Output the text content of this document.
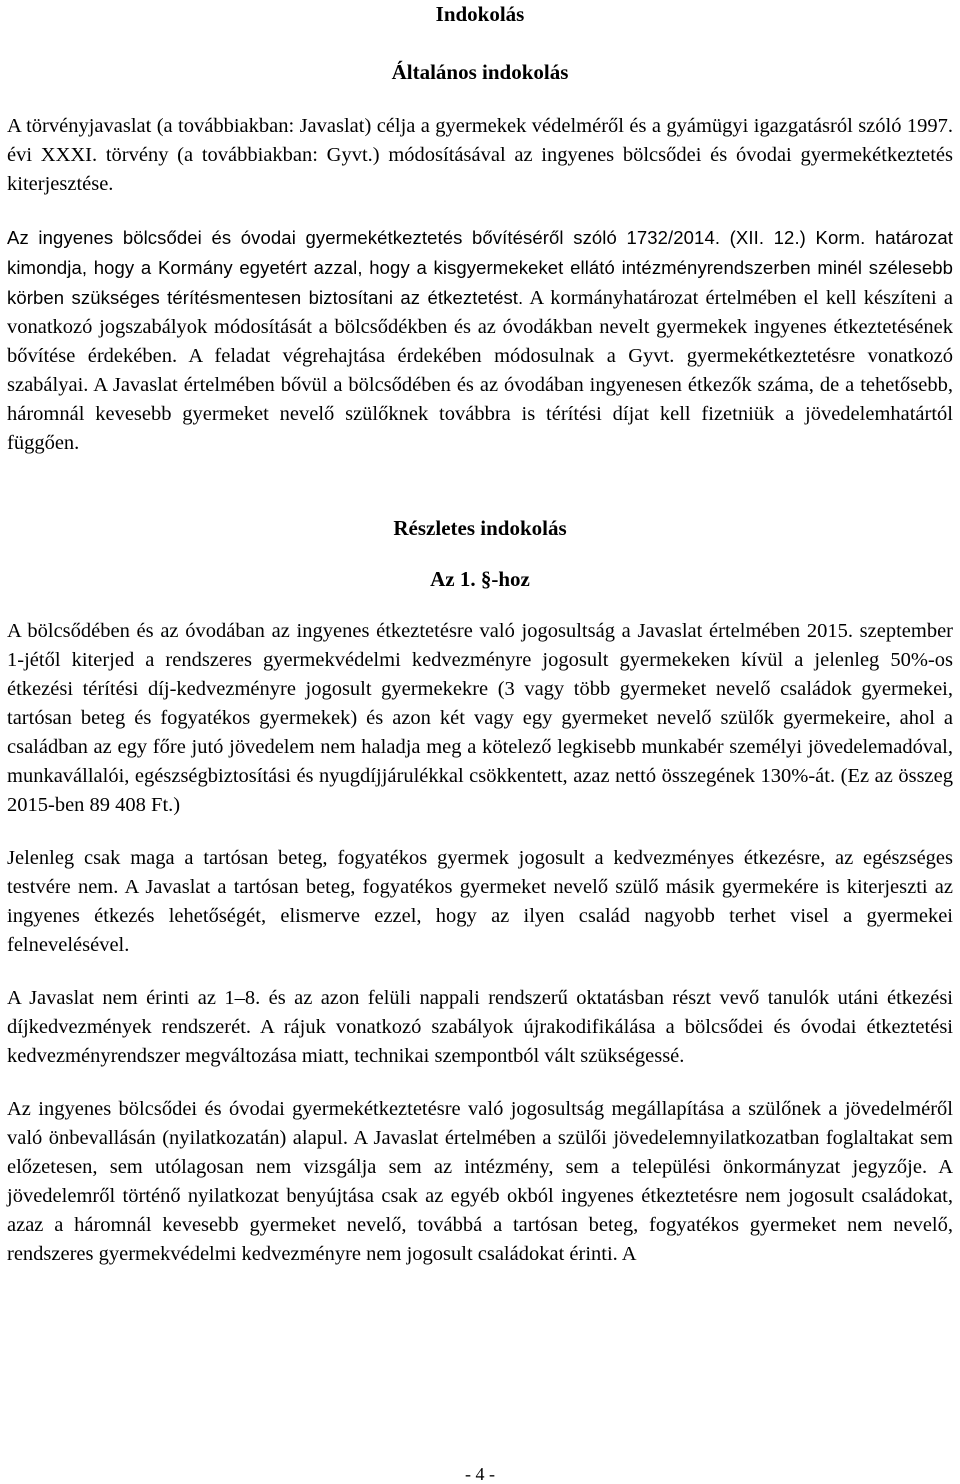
Indokolás
Általános indokolás

A törvényjavaslat (a továbbiakban: Javaslat) célja a gyermekek védelméről és a gyámügyi igazgatásról szóló 1997. évi XXXI. törvény (a továbbiakban: Gyvt.) módosításával az ingyenes bölcsődei és óvodai gyermekétkeztetés kiterjesztése.

Az ingyenes bölcsődei és óvodai gyermekétkeztetés bővítéséről szóló 1732/2014. (XII. 12.) Korm. határozat kimondja, hogy a Kormány egyetért azzal, hogy a kisgyermekeket ellátó intézményrendszerben minél szélesebb körben szükséges térítésmentesen biztosítani az étkeztetést. A kormányhatározat értelmében el kell készíteni a vonatkozó jogszabályok módosítását a bölcsődékben és az óvodákban nevelt gyermekek ingyenes étkeztetésének bővítése érdekében. A feladat végrehajtása érdekében módosulnak a Gyvt. gyermekétkeztetésre vonatkozó szabályai. A Javaslat értelmében bővül a bölcsődében és az óvodában ingyenesen étkezők száma, de a tehetősebb, háromnál kevesebb gyermeket nevelő szülőknek továbbra is térítési díjat kell fizetniük a jövedelemhatártól függően.

Részletes indokolás
Az 1. §-hoz

A bölcsődében és az óvodában az ingyenes étkeztetésre való jogosultság a Javaslat értelmében 2015. szeptember 1-jétől kiterjed a rendszeres gyermekvédelmi kedvezményre jogosult gyermekeken kívül a jelenleg 50%-os étkezési térítési díj-kedvezményre jogosult gyermekekre (3 vagy több gyermeket nevelő családok gyermekei, tartósan beteg és fogyatékos gyermekek) és azon két vagy egy gyermeket nevelő szülők gyermekeire, ahol a családban az egy főre jutó jövedelem nem haladja meg a kötelező legkisebb munkabér személyi jövedelemadóval, munkavállalói, egészségbiztosítási és nyugdíjjárulékkal csökkentett, azaz nettó összegének 130%-át. (Ez az összeg 2015-ben 89 408 Ft.)

Jelenleg csak maga a tartósan beteg, fogyatékos gyermek jogosult a kedvezményes étkezésre, az egészséges testvére nem. A Javaslat a tartósan beteg, fogyatékos gyermeket nevelő szülő másik gyermekére is kiterjeszti az ingyenes étkezés lehetőségét, elismerve ezzel, hogy az ilyen család nagyobb terhet visel a gyermekei felnevelésével.

A Javaslat nem érinti az 1–8. és az azon felüli nappali rendszerű oktatásban részt vevő tanulók utáni étkezési díjkedvezmények rendszerét. A rájuk vonatkozó szabályok újrakodifikálása a bölcsődei és óvodai étkeztetési kedvezményrendszer megváltozása miatt, technikai szempontból vált szükségessé.

Az ingyenes bölcsődei és óvodai gyermekétkeztetésre való jogosultság megállapítása a szülőnek a jövedelméről való önbevallásán (nyilatkozatán) alapul. A Javaslat értelmében a szülői jövedelemnyilatkozatban foglaltakat sem előzetesen, sem utólagosan nem vizsgálja sem az intézmény, sem a települési önkormányzat jegyzője. A jövedelemről történő nyilatkozat benyújtása csak az egyéb okból ingyenes étkeztetésre nem jogosult családokat, azaz a háromnál kevesebb gyermeket nevelő, továbbá a tartósan beteg, fogyatékos gyermeket nem nevelő, rendszeres gyermekvédelmi kedvezményre nem jogosult családokat érinti. A

- 4 -
